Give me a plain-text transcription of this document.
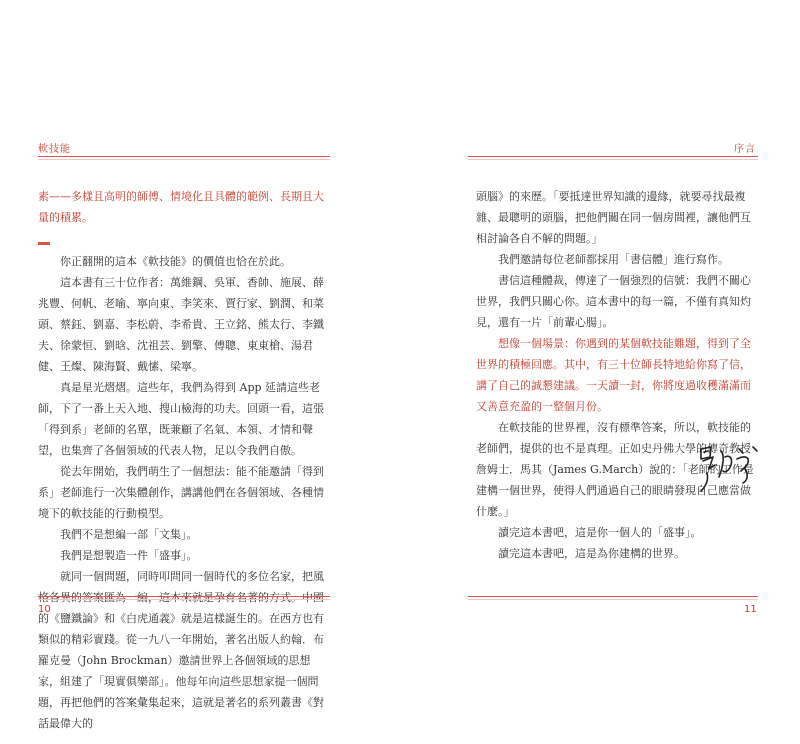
軟技能

素——多樣且高明的師傅、情境化且具體的範例、長期且大量的積累。

你正翻開的這本《軟技能》的價值也恰在於此。

這本書有三十位作者：萬維鋼、吳軍、香帥、施展、薛兆豐、何帆、老喻、寧向東、李笑來、賈行家、劉潤、和菜頭、蔡鈺、劉嘉、李松蔚、李希貴、王立銘、熊太行、李鐵夫、徐蒙恒、劉晗、沈祖芸、劉擎、傅聰、東東槍、湯君健、王燦、陳海賢、戴愫、梁寧。

真是星光熠熠。這些年，我們為得到 App 延請這些老師，下了一番上天入地、搜山檢海的功夫。回頭一看，這張「得到系」老師的名單，既兼顧了名氣、本領、才情和聲望，也集齊了各個領域的代表人物，足以令我們自傲。

從去年開始，我們萌生了一個想法：能不能邀請「得到系」老師進行一次集體創作，講講他們在各個領域、各種情境下的軟技能的行動模型。

我們不是想編一部「文集」。

我們是想製造一件「盛事」。

就同一個問題，同時叩問同一個時代的多位名家，把風格各異的答案匯為一編，這本來就是孕育名著的方式。中國的《鹽鐵論》和《白虎通義》就是這樣誕生的。在西方也有類似的精彩實踐。從一九八一年開始，著名出版人約翰．布羅克曼（John Brockman）邀請世界上各個領域的思想家，組建了「現實俱樂部」。他每年向這些思想家提一個問題，再把他們的答案彙集起來，這就是著名的系列叢書《對話最偉大的

10
序言

頭腦》的來歷。「要抵達世界知識的邊緣，就要尋找最複雜、最聰明的頭腦，把他們關在同一個房間裡，讓他們互相討論各自不解的問題。」

我們邀請每位老師都採用「書信體」進行寫作。

書信這種體裁，傳達了一個強烈的信號：我們不關心世界，我們只關心你。這本書中的每一篇，不僅有真知灼見，還有一片「前輩心腸」。

想像一個場景：你遇到的某個軟技能難題，得到了全世界的積極回應。其中，有三十位師長特地給你寫了信，講了自己的誠懇建議。一天讀一封，你將度過收穫滿滿而又善意充盈的一整個月份。

在軟技能的世界裡，沒有標準答案，所以，軟技能的老師們，提供的也不是真理。正如史丹佛大學的傳奇教授詹姆士．馬其（James G.March）說的：「老師的工作是建構一個世界，使得人們通過自己的眼睛發現自己應當做什麼。」

讀完這本書吧，這是你一個人的「盛事」。

讀完這本書吧，這是為你建構的世界。

11
